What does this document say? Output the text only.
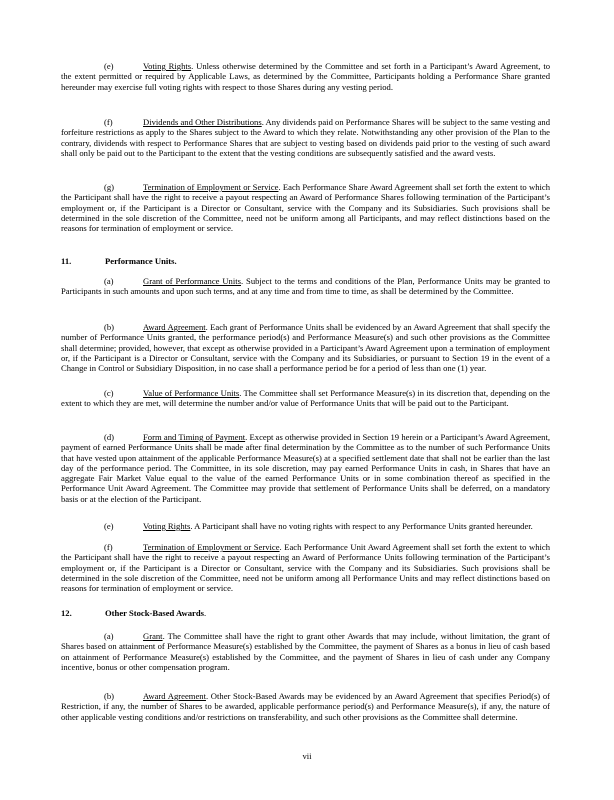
(e)	Voting Rights. Unless otherwise determined by the Committee and set forth in a Participant’s Award Agreement, to the extent permitted or required by Applicable Laws, as determined by the Committee, Participants holding a Performance Share granted hereunder may exercise full voting rights with respect to those Shares during any vesting period.

(f)	Dividends and Other Distributions. Any dividends paid on Performance Shares will be subject to the same vesting and forfeiture restrictions as apply to the Shares subject to the Award to which they relate. Notwithstanding any other provision of the Plan to the contrary, dividends with respect to Performance Shares that are subject to vesting based on dividends paid prior to the vesting of such award shall only be paid out to the Participant to the extent that the vesting conditions are subsequently satisfied and the award vests.

(g)	Termination of Employment or Service. Each Performance Share Award Agreement shall set forth the extent to which the Participant shall have the right to receive a payout respecting an Award of Performance Shares following termination of the Participant’s employment or, if the Participant is a Director or Consultant, service with the Company and its Subsidiaries. Such provisions shall be determined in the sole discretion of the Committee, need not be uniform among all Participants, and may reflect distinctions based on the reasons for termination of employment or service.

11.	Performance Units.

(a)	Grant of Performance Units. Subject to the terms and conditions of the Plan, Performance Units may be granted to Participants in such amounts and upon such terms, and at any time and from time to time, as shall be determined by the Committee.

(b)	Award Agreement. Each grant of Performance Units shall be evidenced by an Award Agreement that shall specify the number of Performance Units granted, the performance period(s) and Performance Measure(s) and such other provisions as the Committee shall determine; provided, however, that except as otherwise provided in a Participant’s Award Agreement upon a termination of employment or, if the Participant is a Director or Consultant, service with the Company and its Subsidiaries, or pursuant to Section 19 in the event of a Change in Control or Subsidiary Disposition, in no case shall a performance period be for a period of less than one (1) year.

(c)	Value of Performance Units. The Committee shall set Performance Measure(s) in its discretion that, depending on the extent to which they are met, will determine the number and/or value of Performance Units that will be paid out to the Participant.

(d)	Form and Timing of Payment. Except as otherwise provided in Section 19 herein or a Participant’s Award Agreement, payment of earned Performance Units shall be made after final determination by the Committee as to the number of such Performance Units that have vested upon attainment of the applicable Performance Measure(s) at a specified settlement date that shall not be earlier than the last day of the performance period. The Committee, in its sole discretion, may pay earned Performance Units in cash, in Shares that have an aggregate Fair Market Value equal to the value of the earned Performance Units or in some combination thereof as specified in the Performance Unit Award Agreement. The Committee may provide that settlement of Performance Units shall be deferred, on a mandatory basis or at the election of the Participant.

(e)	Voting Rights. A Participant shall have no voting rights with respect to any Performance Units granted hereunder.

(f)	Termination of Employment or Service. Each Performance Unit Award Agreement shall set forth the extent to which the Participant shall have the right to receive a payout respecting an Award of Performance Units following termination of the Participant’s employment or, if the Participant is a Director or Consultant, service with the Company and its Subsidiaries. Such provisions shall be determined in the sole discretion of the Committee, need not be uniform among all Performance Units and may reflect distinctions based on reasons for termination of employment or service.

12.	Other Stock-Based Awards.

(a)	Grant. The Committee shall have the right to grant other Awards that may include, without limitation, the grant of Shares based on attainment of Performance Measure(s) established by the Committee, the payment of Shares as a bonus in lieu of cash based on attainment of Performance Measure(s) established by the Committee, and the payment of Shares in lieu of cash under any Company incentive, bonus or other compensation program.

(b)	Award Agreement. Other Stock-Based Awards may be evidenced by an Award Agreement that specifies Period(s) of Restriction, if any, the number of Shares to be awarded, applicable performance period(s) and Performance Measure(s), if any, the nature of other applicable vesting conditions and/or restrictions on transferability, and such other provisions as the Committee shall determine.

vii
